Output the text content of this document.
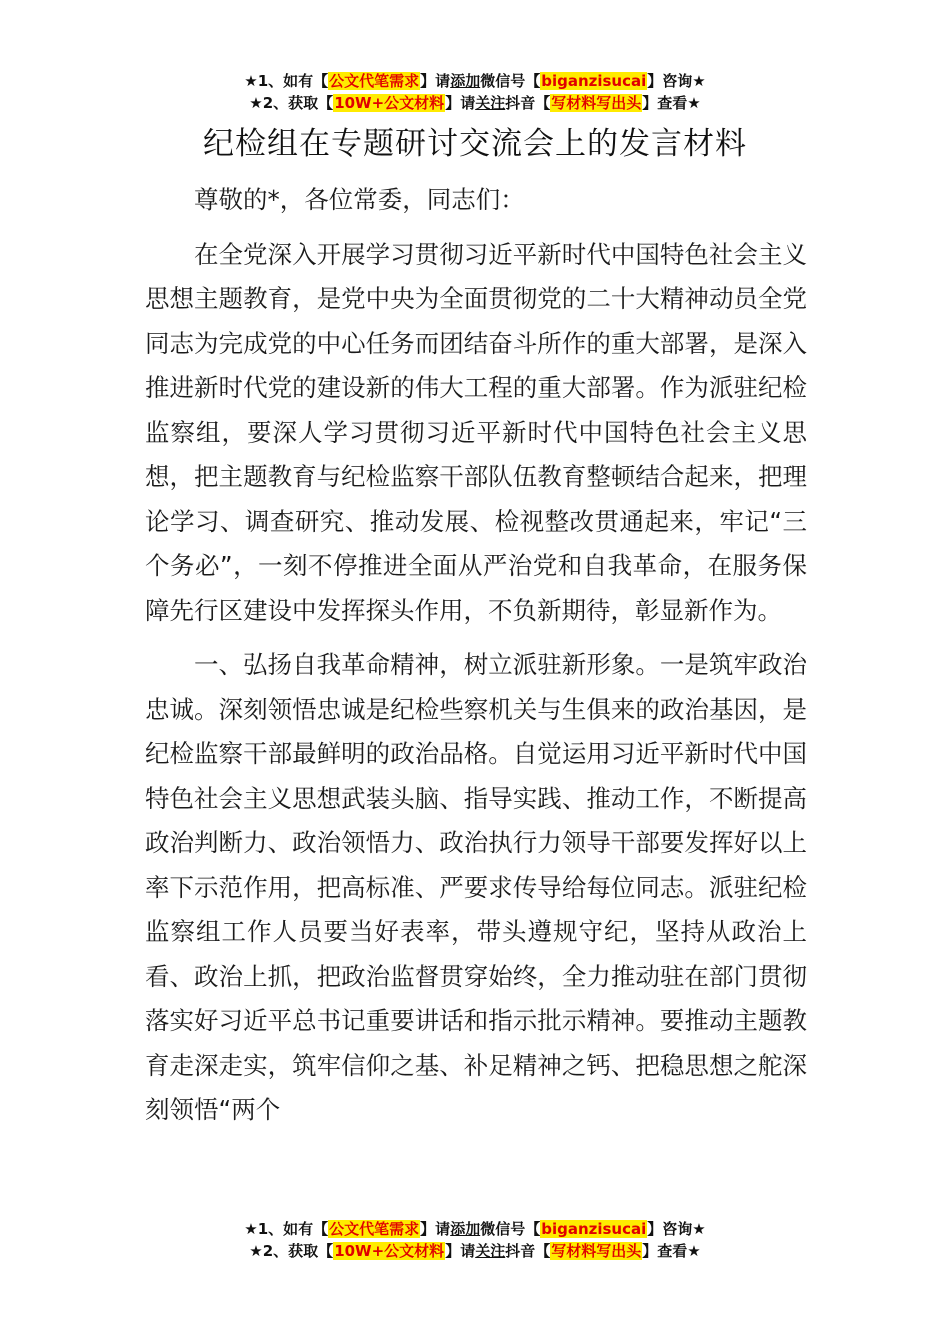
★1、如有【公文代笔需求】请添加微信号【biganzisucai】咨询★
★2、获取【10W+公文材料】请关注抖音【写材料写出头】查看★
纪检组在专题研讨交流会上的发言材料

尊敬的*，各位常委，同志们：

在全党深入开展学习贯彻习近平新时代中国特色社会主义思想主题教育，是党中央为全面贯彻党的二十大精神动员全党同志为完成党的中心任务而团结奋斗所作的重大部署，是深入推进新时代党的建设新的伟大工程的重大部署。作为派驻纪检监察组，要深人学习贯彻习近平新时代中国特色社会主义思想，把主题教育与纪检监察干部队伍教育整顿结合起来，把理论学习、调查研究、推动发展、检视整改贯通起来，牢记“三个务必”，一刻不停推进全面从严治党和自我革命，在服务保障先行区建设中发挥探头作用，不负新期待，彰显新作为。

一、弘扬自我革命精神，树立派驻新形象。一是筑牢政治忠诚。深刻领悟忠诚是纪检些察机关与生俱来的政治基因，是纪检监察干部最鲜明的政治品格。自觉运用习近平新时代中国特色社会主义思想武装头脑、指导实践、推动工作，不断提高政治判断力、政治领悟力、政治执行力领导干部要发挥好以上率下示范作用，把高标准、严要求传导给每位同志。派驻纪检监察组工作人员要当好表率，带头遵规守纪，坚持从政治上看、政治上抓，把政治监督贯穿始终，全力推动驻在部门贯彻落实好习近平总书记重要讲话和指示批示精神。要推动主题教育走深走实，筑牢信仰之基、补足精神之钙、把稳思想之舵深刻领悟“两个

★1、如有【公文代笔需求】请添加微信号【biganzisucai】咨询★
★2、获取【10W+公文材料】请关注抖音【写材料写出头】查看★
